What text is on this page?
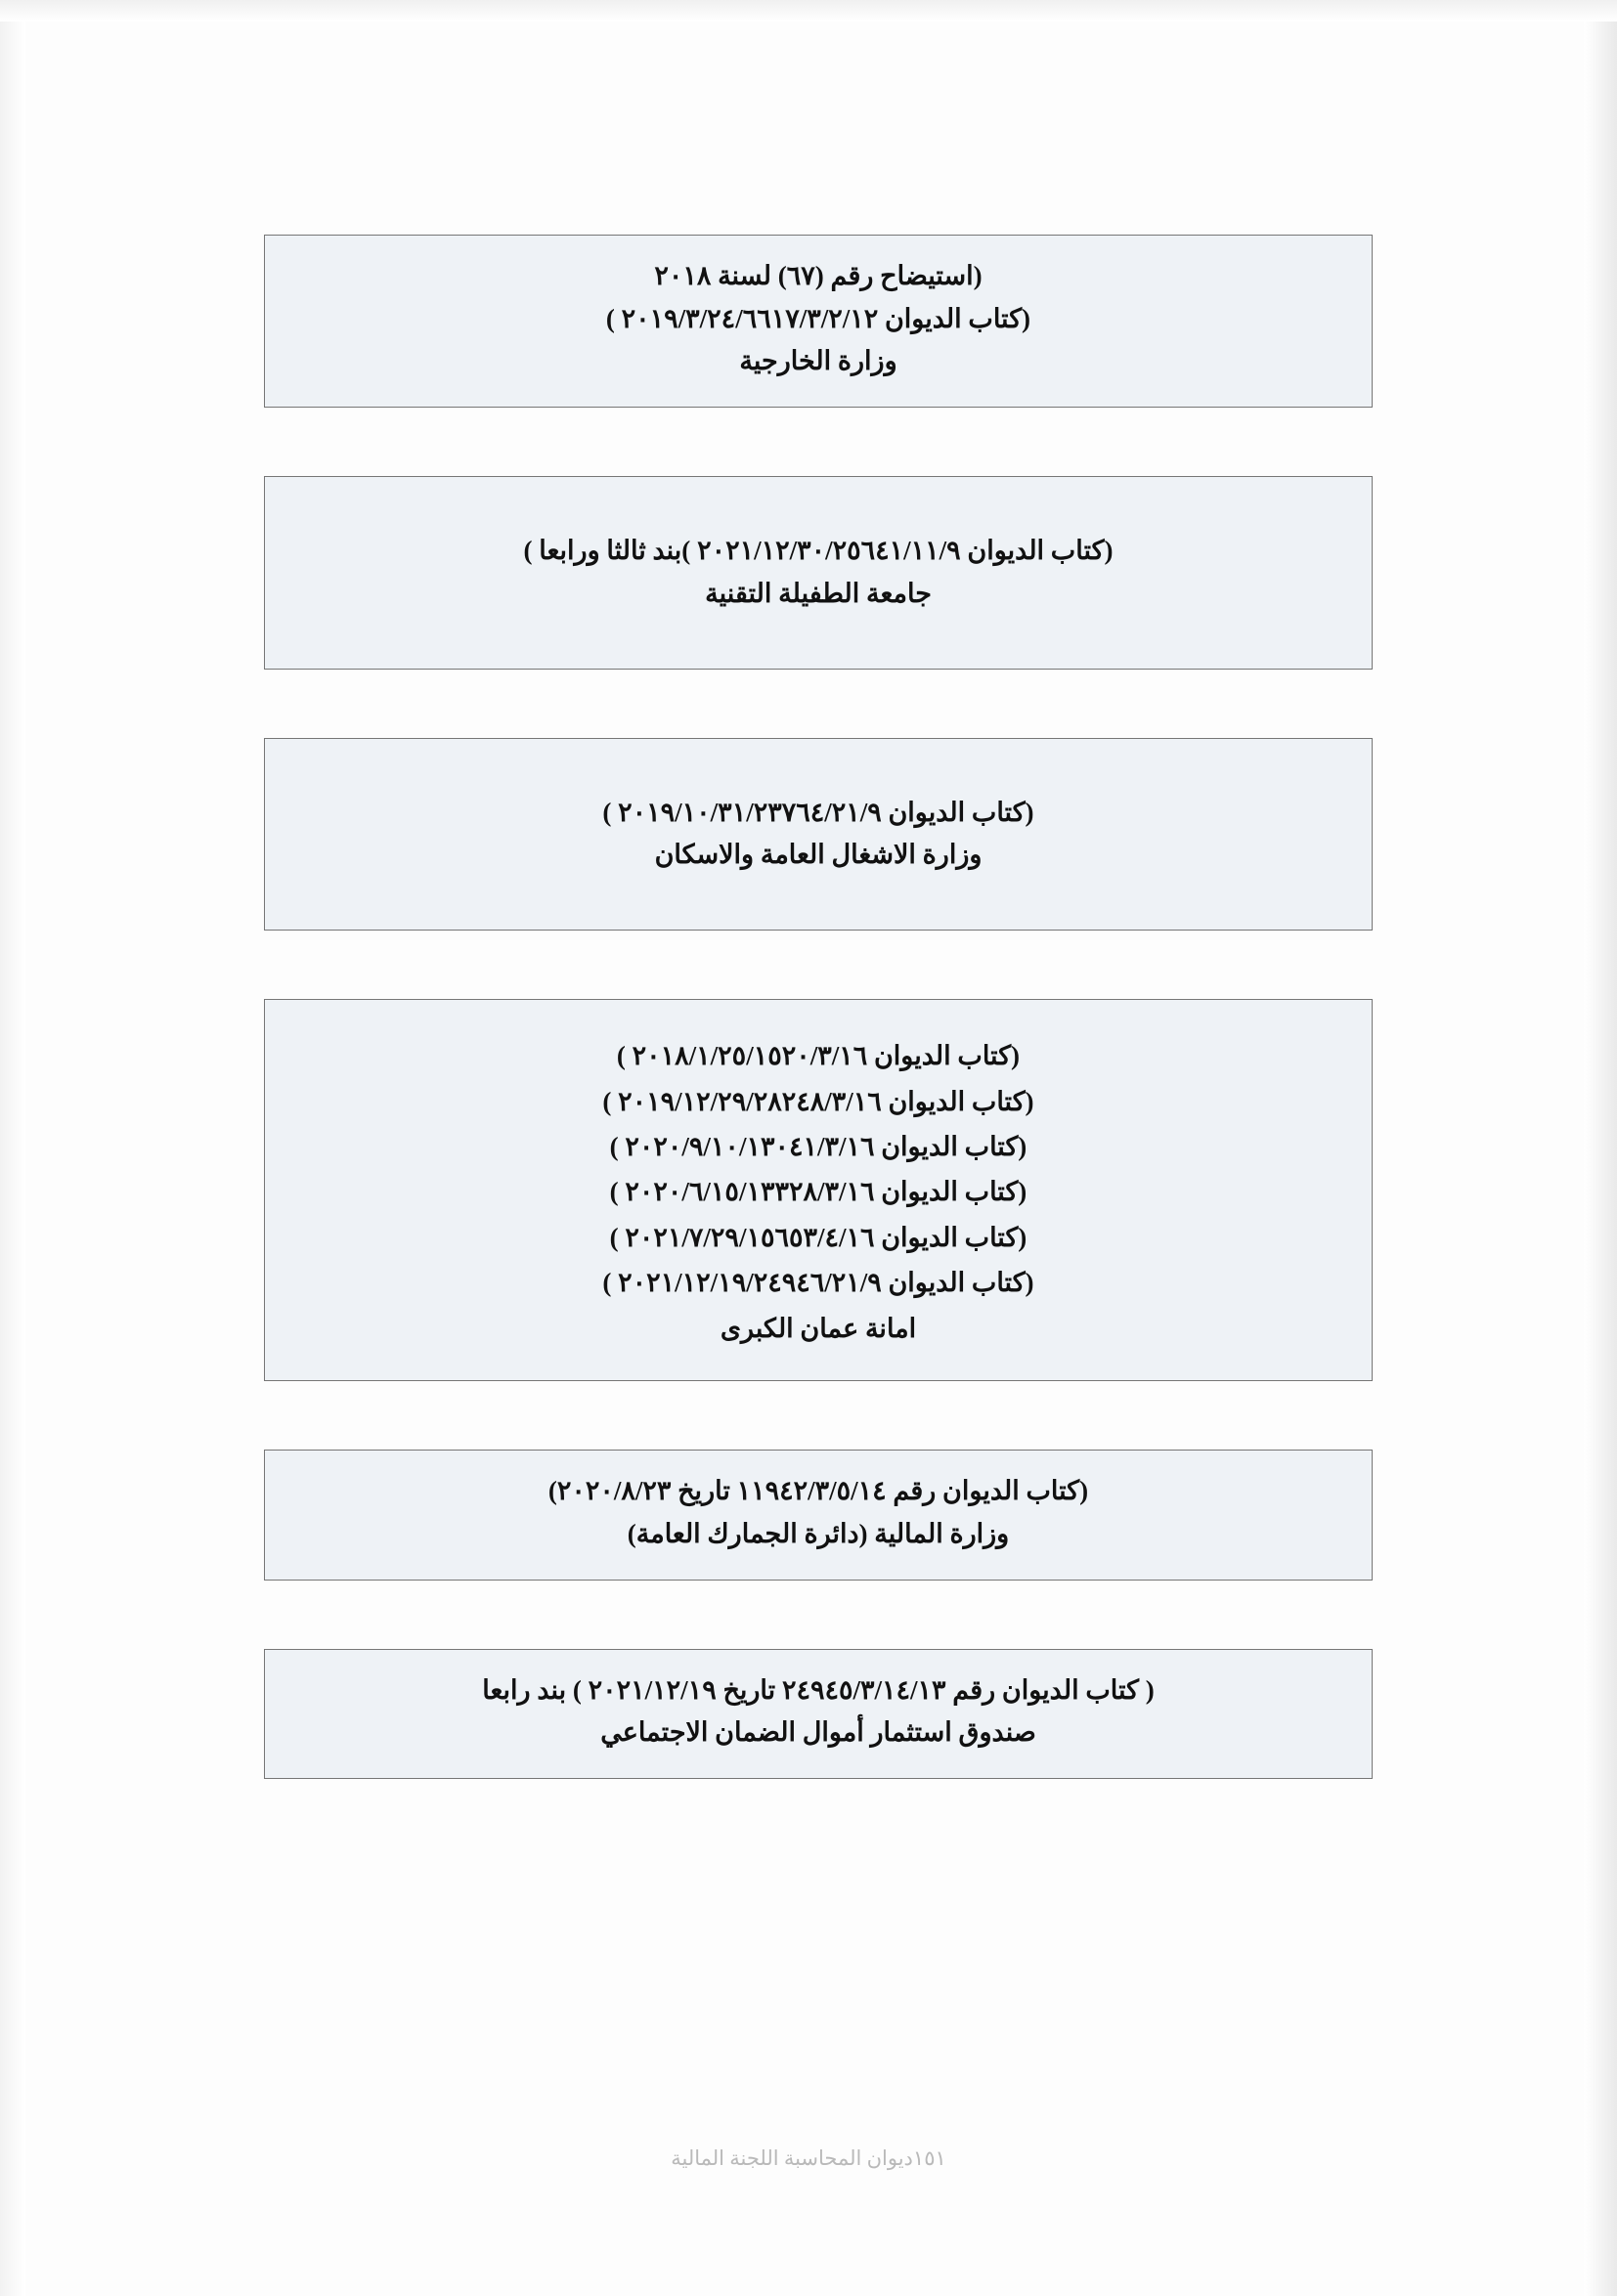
(استيضاح رقم (٦٧) لسنة ٢٠١٨
(كتاب الديوان ٢٠١٩/٣/٢٤/٦٦١٧/٣/٢/١٢ )
وزارة الخارجية
(كتاب الديوان ٢٠٢١/١٢/٣٠/٢٥٦٤١/١١/٩ )بند ثالثا ورابعا )
جامعة الطفيلة التقنية
(كتاب الديوان ٢٠١٩/١٠/٣١/٢٣٧٦٤/٢١/٩ )
وزارة الاشغال العامة والاسكان
(كتاب الديوان ٢٠١٨/١/٢٥/١٥٢٠/٣/١٦ )
(كتاب الديوان ٢٠١٩/١٢/٢٩/٢٨٢٤٨/٣/١٦ )
(كتاب الديوان ٢٠٢٠/٩/١٠/١٣٠٤١/٣/١٦ )
(كتاب الديوان ٢٠٢٠/٦/١٥/١٣٣٢٨/٣/١٦ )
(كتاب الديوان ٢٠٢١/٧/٢٩/١٥٦٥٣/٤/١٦ )
(كتاب الديوان ٢٠٢١/١٢/١٩/٢٤٩٤٦/٢١/٩ )
امانة عمان الكبرى
(كتاب الديوان رقم ١١٩٤٢/٣/٥/١٤ تاريخ ٢٠٢٠/٨/٢٣)
وزارة المالية (دائرة الجمارك العامة)
( كتاب الديوان رقم ٢٤٩٤٥/٣/١٤/١٣ تاريخ ٢٠٢١/١٢/١٩ ) بند رابعا
صندوق استثمار أموال الضمان الاجتماعي
١٥١ديوان المحاسبة اللجنة المالية
